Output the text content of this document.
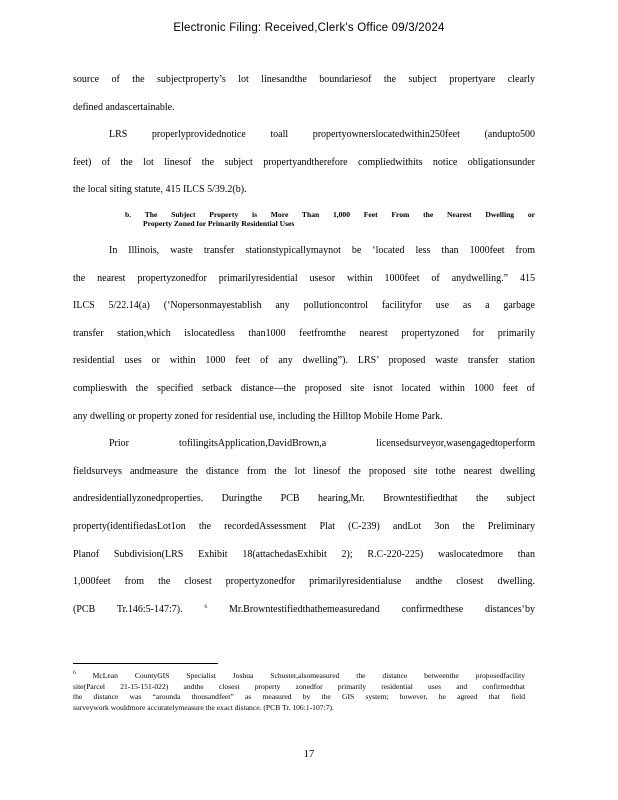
Electronic Filing: Received,Clerk's Office 09/3/2024
source of the subjectproperty’s lot linesandthe boundariesof the subject propertyare clearly
defined andascertainable.
LRS properlyprovidednotice toall propertyownerslocatedwithin250feet (andupto500
feet) of the lot linesof the subject propertyandtherefore compliedwithits notice obligationsunder
the local siting statute, 415 ILCS 5/39.2(b).
b. The Subject Property is More Than 1,000 Feet From the Nearest Dwelling or
Property Zoned for Primarily Residential Uses
In Illinois, waste transfer stationstypicallymaynot be ‘located less than 1000feet from
the nearest propertyzonedfor primarilyresidential usesor within 1000feet of anydwelling.” 415
ILCS 5/22.14(a) (‘Nopersonmayestablish any pollutioncontrol facilityfor use as a garbage
transfer station,which islocatedless than1000 feetfromthe nearest propertyzoned for primarily
residential uses or within 1000 feet of any dwelling”). LRS’ proposed waste transfer station
complieswith the specified setback distance—the proposed site isnot located within 1000 feet of
any dwelling or property zoned for residential use, including the Hilltop Mobile Home Park.
Prior tofilingitsApplication,DavidBrown,a licensedsurveyor,wasengagedtoperform
fieldsurveys andmeasure the distance from the lot linesof the proposed site tothe nearest dwelling
andresidentiallyzonedproperties. Duringthe PCB hearing,Mr. Browntestifiedthat the subject
property(identifiedasLot1on the recordedAssessment Plat (C-239) andLot 3on the Preliminary
Planof Subdivision(LRS Exhibit 18(attachedasExhibit 2); R.C-220-225) waslocatedmore than
1,000feet from the closest propertyzonedfor primarilyresidentialuse andthe closest dwelling.
(PCB Tr.146:5-147:7).	$^6$ Mr.Browntestifiedthathemeasuredand confirmedthese distances‘by
$^6$ McLean CountyGIS Specialist Joshua Schuster,alsomeasured the distance betweenthe proposedfacility
site(Parcel 21-15-151-022) andthe closest property zonedfor primarily residential uses and confirmedthat
the distance was “arounda thousandfeet” as measured by the GIS system; however, he agreed that field
surveywork wouldmore accuratelymeasure the exact distance. (PCB Tr. 106:1-107:7).
17
